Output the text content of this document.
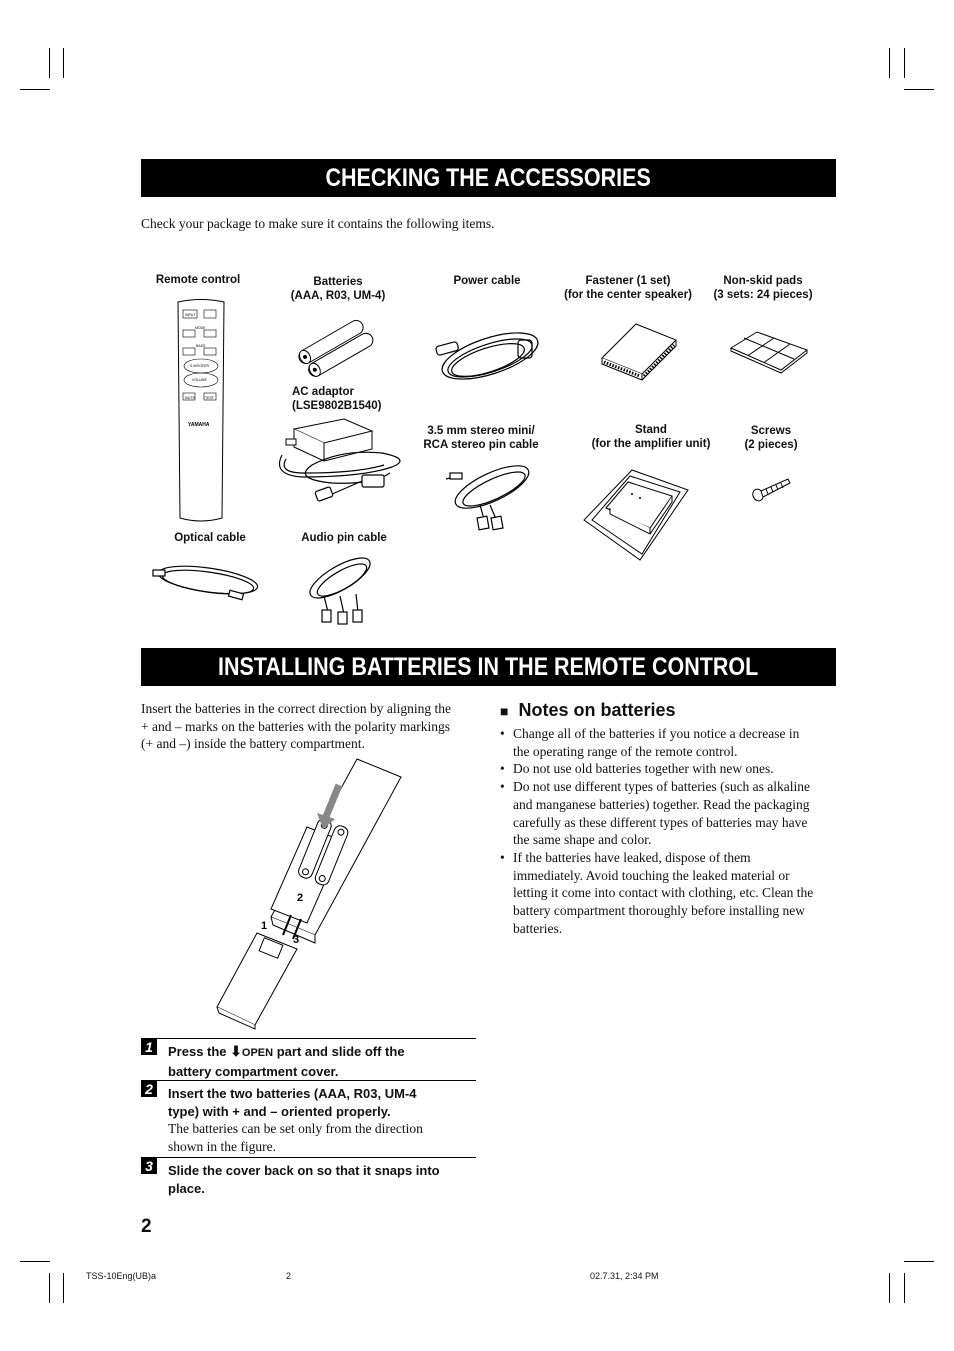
CHECKING THE ACCESSORIES
Check your package to make sure it contains the following items.
Remote control	Batteries
(AAA, R03, UM-4)
Power cable	Fastener (1 set)
(for the center speaker)
Non-skid pads
(3 sets: 24 pieces)
AC adaptor
(LSE9802B1540)
3.5 mm stereo mini/
RCA stereo pin cable
Stand
(for the amplifier unit)
Screws
(2 pieces)
Optical cable	Audio pin cable
INPUT
MODE
BASS
S.WOOFER
VOLUME
MUTE	TEST
YAMAHA
INSTALLING BATTERIES IN THE REMOTE CONTROL
Insert the batteries in the correct direction by aligning the
+ and – marks on the batteries with the polarity markings
(+ and –) inside the battery compartment.
2
1
3
1	Press the ⬇OPEN part and slide off the
battery compartment cover.
2	Insert the two batteries (AAA, R03, UM-4
type) with + and – oriented properly.
The batteries can be set only from the direction
shown in the figure.
3	Slide the cover back on so that it snaps into
place.
■ Notes on batteries
• Change all of the batteries if you notice a decrease in
the operating range of the remote control.
• Do not use old batteries together with new ones.
• Do not use different types of batteries (such as alkaline
and manganese batteries) together. Read the packaging
carefully as these different types of batteries may have
the same shape and color.
• If the batteries have leaked, dispose of them
immediately. Avoid touching the leaked material or
letting it come into contact with clothing, etc. Clean the
battery compartment thoroughly before installing new
batteries.
2
TSS-10Eng(UB)a	2	02.7.31, 2:34 PM
